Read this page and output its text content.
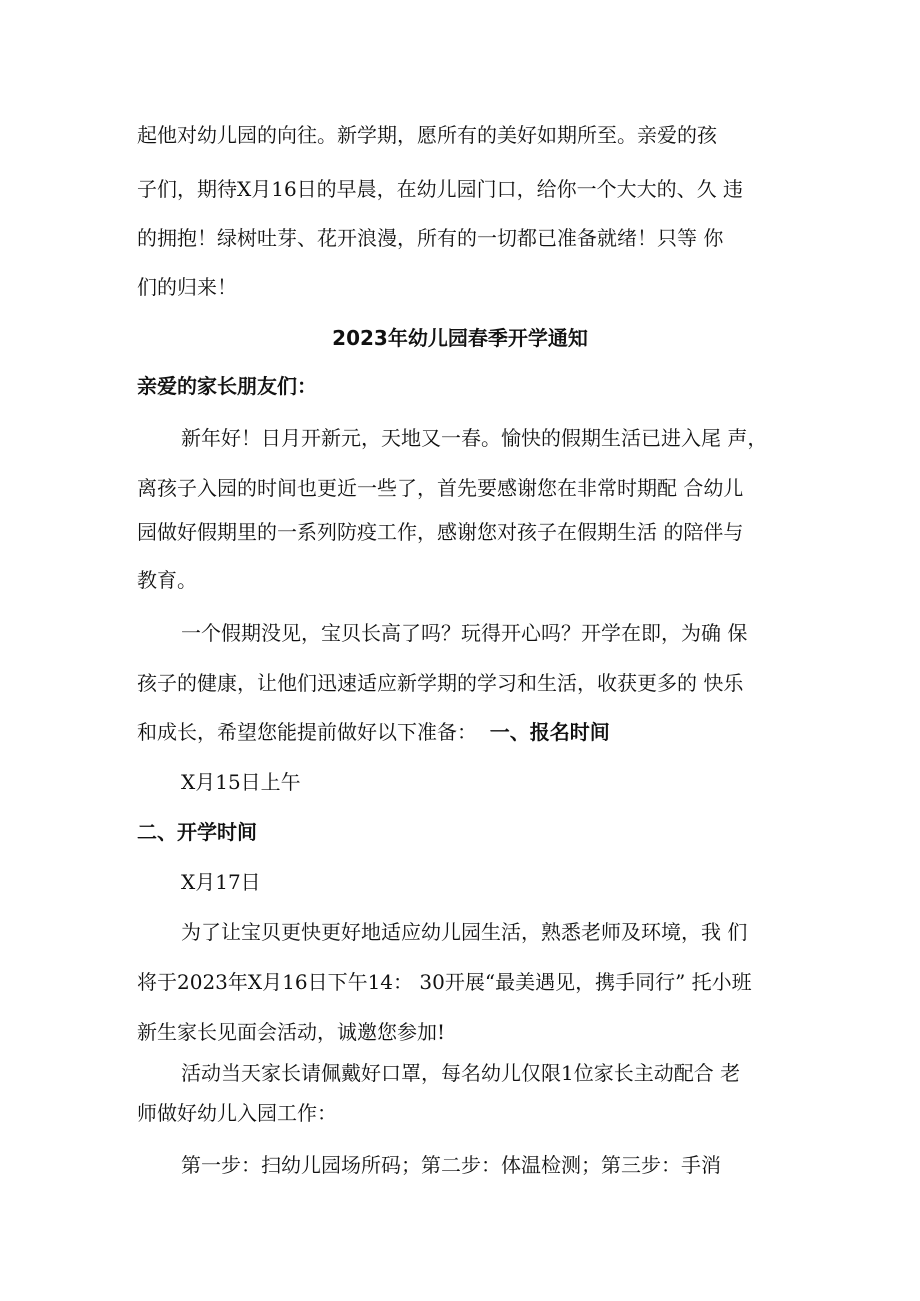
起他对幼儿园的向往。新学期，愿所有的美好如期所至。亲爱的孩
子们，期待X月16日的早晨，在幼儿园门口，给你一个大大的、久 违
的拥抱！绿树吐芽、花开浪漫，所有的一切都已准备就绪！只等 你
们的归来！
2023年幼儿园春季开学通知
亲爱的家长朋友们：
新年好！日月开新元，天地又一春。愉快的假期生活已进入尾 声，
离孩子入园的时间也更近一些了，首先要感谢您在非常时期配 合幼儿
园做好假期里的一系列防疫工作，感谢您对孩子在假期生活 的陪伴与
教育。
一个假期没见，宝贝长高了吗？玩得开心吗？开学在即，为确 保
孩子的健康，让他们迅速适应新学期的学习和生活，收获更多的 快乐
和成长，希望您能提前做好以下准备： 一、报名时间
X月15日上午
二、开学时间
X月17日
为了让宝贝更快更好地适应幼儿园生活，熟悉老师及环境，我 们
将于2023年X月16日下午14： 30开展“最美遇见，携手同行” 托小班
新生家长见面会活动，诚邀您参加!
活动当天家长请佩戴好口罩，每名幼儿仅限1位家长主动配合 老
师做好幼儿入园工作：
第一步：扫幼儿园场所码；第二步：体温检测；第三步：手消
